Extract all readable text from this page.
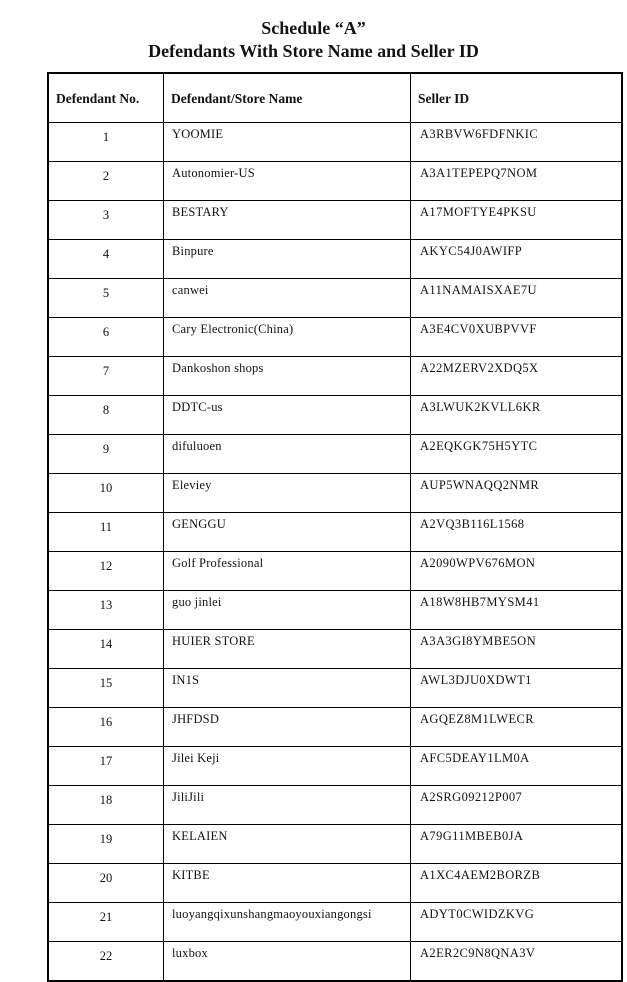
Schedule “A”
Defendants With Store Name and Seller ID
Defendant No.	Defendant/Store Name	Seller ID
1	YOOMIE	A3RBVW6FDFNKIC
2	Autonomier-US	A3A1TEPEPQ7NOM
3	BESTARY	A17MOFTYE4PKSU
4	Binpure	AKYC54J0AWIFP
5	canwei	A11NAMAISXAE7U
6	Cary Electronic(China)	A3E4CV0XUBPVVF
7	Dankoshon shops	A22MZERV2XDQ5X
8	DDTC-us	A3LWUK2KVLL6KR
9	difuluoen	A2EQKGK75H5YTC
10	Eleviey	AUP5WNAQQ2NMR
11	GENGGU	A2VQ3B116L1568
12	Golf Professional	A2090WPV676MON
13	guo jinlei	A18W8HB7MYSM41
14	HUIER STORE	A3A3GI8YMBE5ON
15	IN1S	AWL3DJU0XDWT1
16	JHFDSD	AGQEZ8M1LWECR
17	Jilei Keji	AFC5DEAY1LM0A
18	JiliJili	A2SRG09212P007
19	KELAIEN	A79G11MBEB0JA
20	KITBE	A1XC4AEM2BORZB
21	luoyangqixunshangmaoyouxiangongsi	ADYT0CWIDZKVG
22	luxbox	A2ER2C9N8QNA3V
